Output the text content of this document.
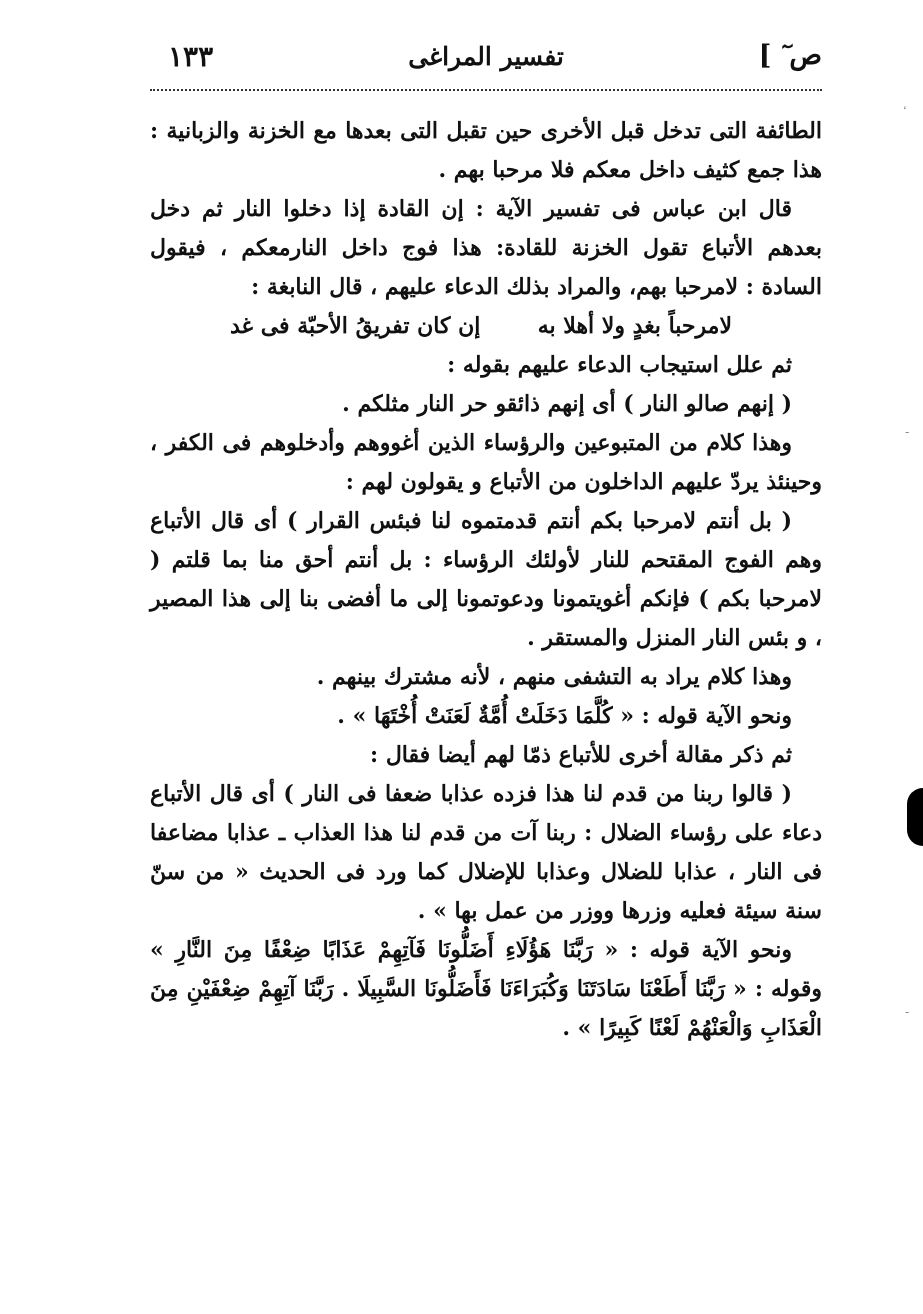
ص ٓ ]
تفسير المراغى
١٣٣

الطائفة التى تدخل قبل الأخرى حين تقبل التى بعدها مع الخزنة والزبانية : هذا جمع كثيف داخل معكم فلا مرحبا بهم .

قال ابن عباس فى تفسير الآية : إن القادة إذا دخلوا النار ثم دخل بعدهم الأتباع تقول الخزنة للقادة: هذا فوج داخل النارمعكم ، فيقول السادة : لامرحبا بهم، والمراد بذلك الدعاء عليهم ، قال النابغة :

لامرحباً بغدٍ ولا أهلا به
إن كان تفريقُ الأحبّة فى غد

ثم علل استيجاب الدعاء عليهم بقوله :

( إنهم صالو النار ) أى إنهم ذائقو حر النار مثلكم .

وهذا كلام من المتبوعين والرؤساء الذين أغووهم وأدخلوهم فى الكفر ، وحينئذ يردّ عليهم الداخلون من الأتباع و يقولون لهم :

( بل أنتم لامرحبا بكم أنتم قدمتموه لنا فبئس القرار ) أى قال الأتباع وهم الفوج المقتحم للنار لأولئك الرؤساء : بل أنتم أحق منا بما قلتم ( لامرحبا بكم ) فإنكم أغويتمونا ودعوتمونا إلى ما أفضى بنا إلى هذا المصير ، و بئس النار المنزل والمستقر .

وهذا كلام يراد به التشفى منهم ، لأنه مشترك بينهم .

ونحو الآية قوله : « كُلَّمَا دَخَلَتْ أُمَّةٌ لَعَنَتْ أُخْتَهَا » .

ثم ذكر مقالة أخرى للأتباع ذمّا لهم أيضا فقال :

( قالوا ربنا من قدم لنا هذا فزده عذابا ضعفا فى النار ) أى قال الأتباع دعاء على رؤساء الضلال : ربنا آت من قدم لنا هذا العذاب ـ عذابا مضاعفا فى النار ، عذابا للضلال وعذابا للإضلال كما ورد فى الحديث « من سنّ سنة سيئة فعليه وزرها ووزر من عمل بها » .

ونحو الآية قوله : « رَبَّنَا هَؤُلَاءِ أَضَلُّونَا فَآتِهِمْ عَذَابًا ضِعْفًا مِنَ النَّارِ » وقوله : « رَبَّنَا أَطَعْنَا سَادَتَنَا وَكُبَرَاءَنَا فَأَضَلُّونَا السَّبِيلَا . رَبَّنَا آتِهِمْ ضِعْفَيْنِ مِنَ الْعَذَابِ وَالْعَنْهُمْ لَعْنًا كَبِيرًا » .

-
-
